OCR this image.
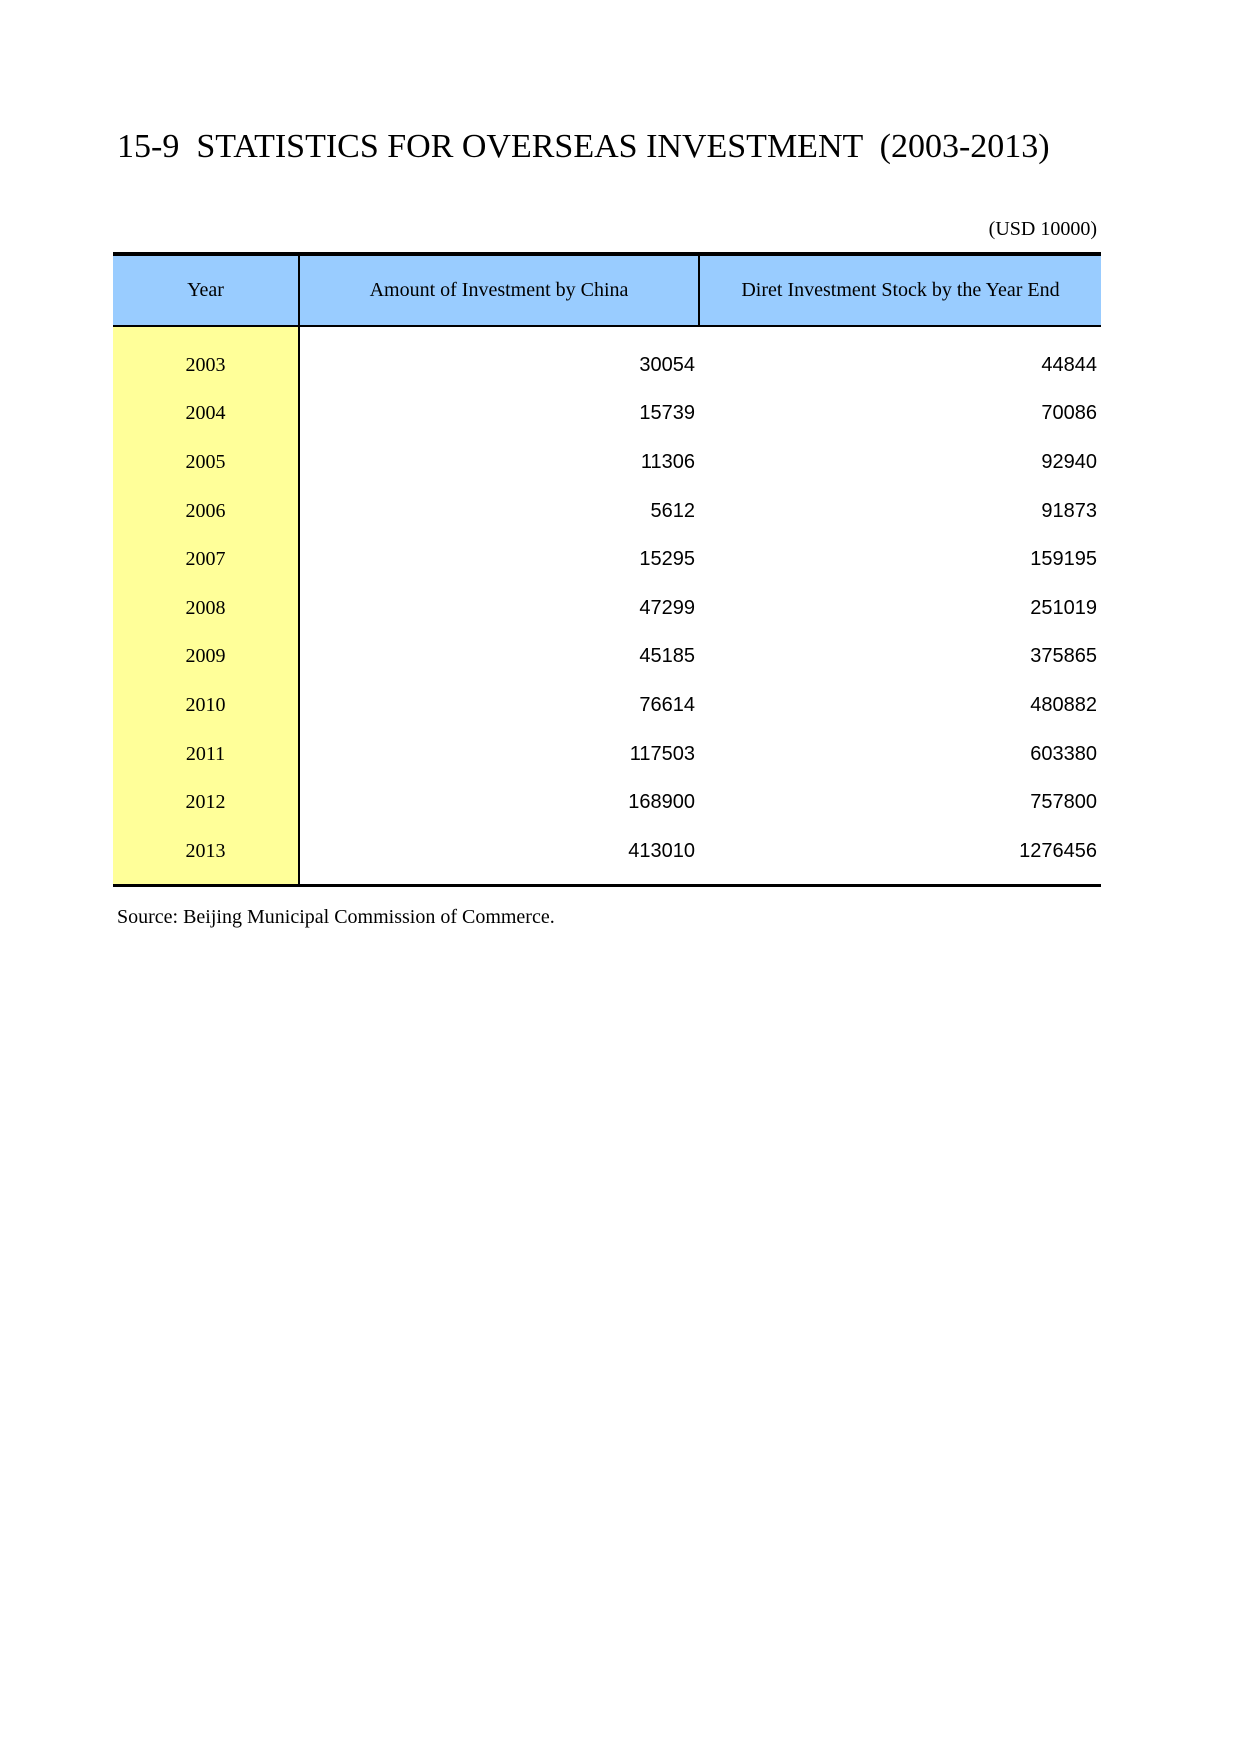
15-9  STATISTICS FOR OVERSEAS INVESTMENT  (2003-2013)
(USD 10000)
Year	Amount of Investment by China	Diret Investment Stock by the Year End
2003	30054	44844
2004	15739	70086
2005	11306	92940
2006	5612	91873
2007	15295	159195
2008	47299	251019
2009	45185	375865
2010	76614	480882
2011	117503	603380
2012	168900	757800
2013	413010	1276456
Source: Beijing Municipal Commission of Commerce.
